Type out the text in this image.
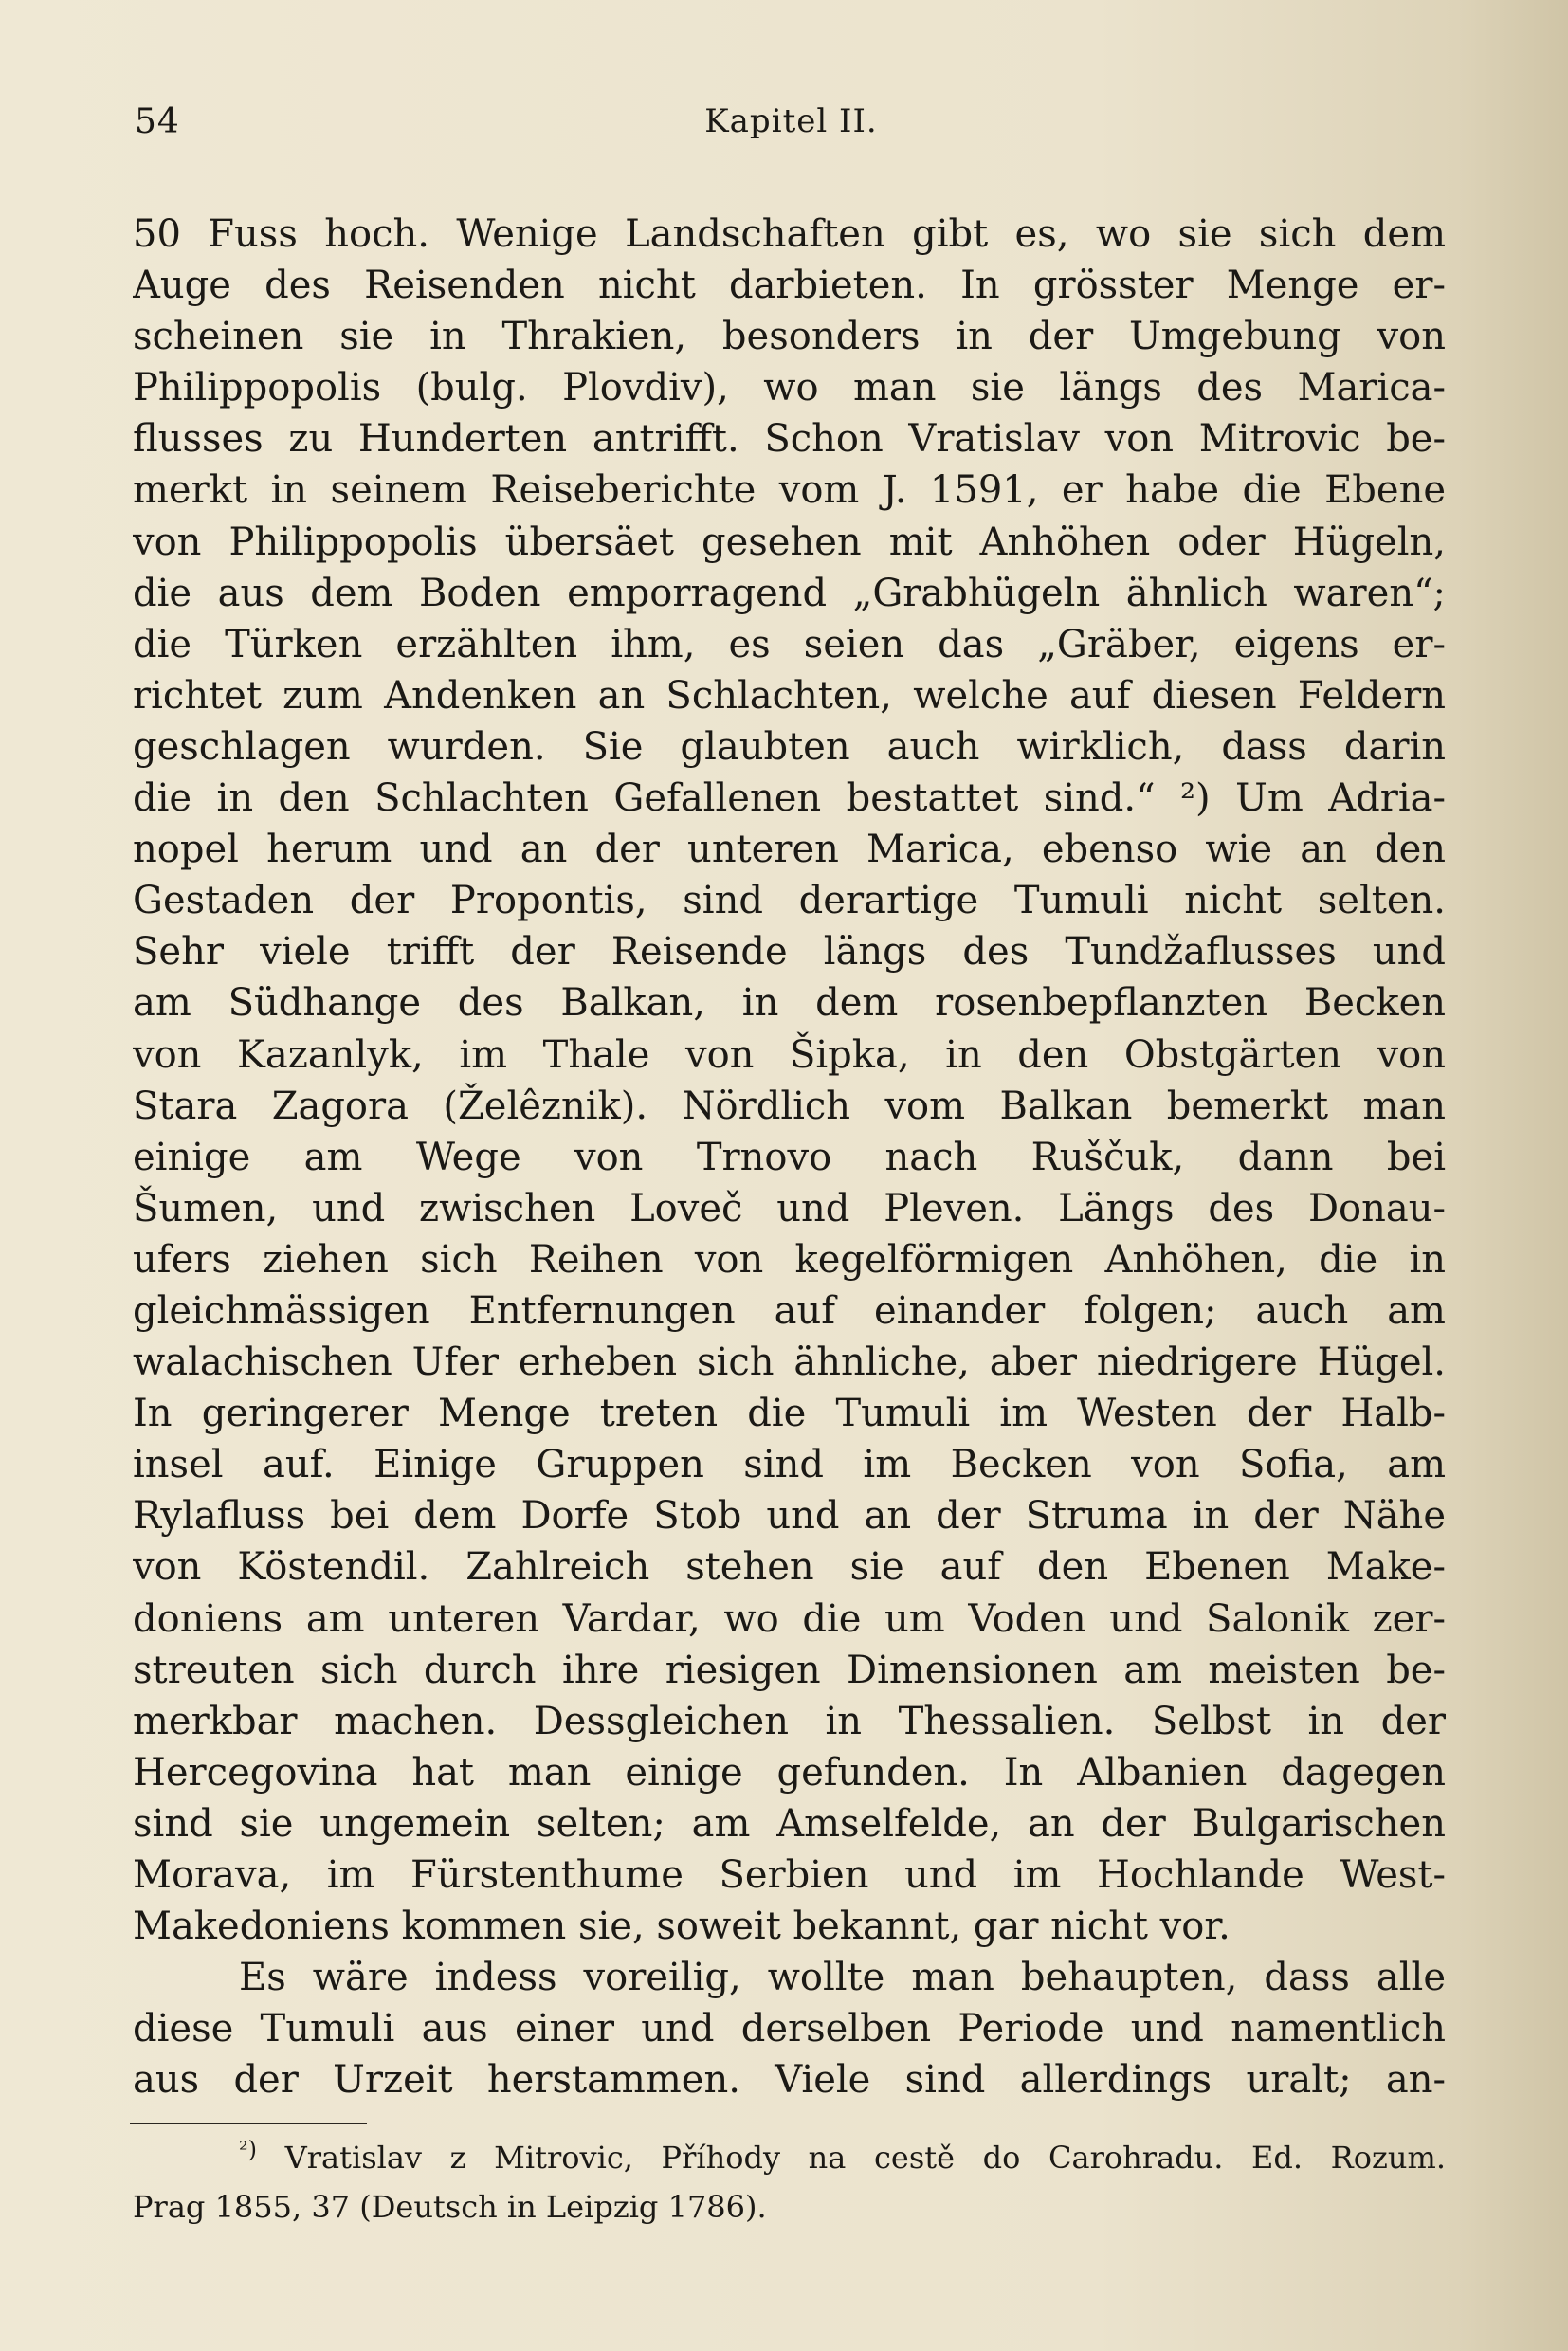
54	Kapitel II.
50 Fuss hoch. Wenige Landschaften gibt es, wo sie sich dem
Auge des Reisenden nicht darbieten. In grösster Menge er-
scheinen sie in Thrakien, besonders in der Umgebung von
Philippopolis (bulg. Plovdiv), wo man sie längs des Marica-
flusses zu Hunderten antrifft. Schon Vratislav von Mitrovic be-
merkt in seinem Reiseberichte vom J. 1591, er habe die Ebene
von Philippopolis übersäet gesehen mit Anhöhen oder Hügeln,
die aus dem Boden emporragend „Grabhügeln ähnlich waren“;
die Türken erzählten ihm, es seien das „Gräber, eigens er-
richtet zum Andenken an Schlachten, welche auf diesen Feldern
geschlagen wurden. Sie glaubten auch wirklich, dass darin
die in den Schlachten Gefallenen bestattet sind.“ ²) Um Adria-
nopel herum und an der unteren Marica, ebenso wie an den
Gestaden der Propontis, sind derartige Tumuli nicht selten.
Sehr viele trifft der Reisende längs des Tundžaflusses und
am Südhange des Balkan, in dem rosenbepflanzten Becken
von Kazanlyk, im Thale von Šipka, in den Obstgärten von
Stara Zagora (Želêznik). Nördlich vom Balkan bemerkt man
einige am Wege von Trnovo nach Ruščuk, dann bei
Šumen, und zwischen Loveč und Pleven. Längs des Donau-
ufers ziehen sich Reihen von kegelförmigen Anhöhen, die in
gleichmässigen Entfernungen auf einander folgen; auch am
walachischen Ufer erheben sich ähnliche, aber niedrigere Hügel.
In geringerer Menge treten die Tumuli im Westen der Halb-
insel auf. Einige Gruppen sind im Becken von Sofia, am
Rylafluss bei dem Dorfe Stob und an der Struma in der Nähe
von Köstendil. Zahlreich stehen sie auf den Ebenen Make-
doniens am unteren Vardar, wo die um Voden und Salonik zer-
streuten sich durch ihre riesigen Dimensionen am meisten be-
merkbar machen. Dessgleichen in Thessalien. Selbst in der
Hercegovina hat man einige gefunden. In Albanien dagegen
sind sie ungemein selten; am Amselfelde, an der Bulgarischen
Morava, im Fürstenthume Serbien und im Hochlande West-
Makedoniens kommen sie, soweit bekannt, gar nicht vor.
Es wäre indess voreilig, wollte man behaupten, dass alle
diese Tumuli aus einer und derselben Periode und namentlich
aus der Urzeit herstammen. Viele sind allerdings uralt; an-
$^{^2)}$ Vratislav z Mitrovic, Příhody na cestě do Carohradu. Ed. Rozum.
Prag 1855, 37 (Deutsch in Leipzig 1786).
